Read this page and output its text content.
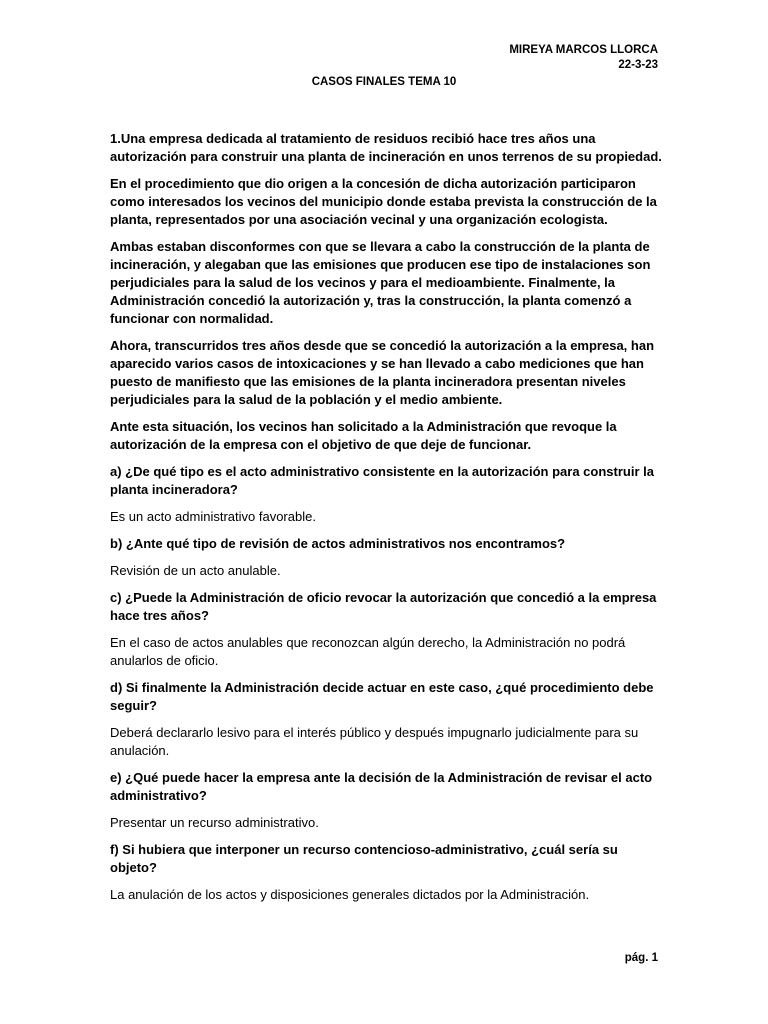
MIREYA MARCOS LLORCA
22-3-23
CASOS FINALES TEMA 10

1.Una empresa dedicada al tratamiento de residuos recibió hace tres años una autorización para construir una planta de incineración en unos terrenos de su propiedad.

En el procedimiento que dio origen a la concesión de dicha autorización participaron como interesados los vecinos del municipio donde estaba prevista la construcción de la planta, representados por una asociación vecinal y una organización ecologista.

Ambas estaban disconformes con que se llevara a cabo la construcción de la planta de incineración, y alegaban que las emisiones que producen ese tipo de instalaciones son perjudiciales para la salud de los vecinos y para el medioambiente. Finalmente, la Administración concedió la autorización y, tras la construcción, la planta comenzó a funcionar con normalidad.

Ahora, transcurridos tres años desde que se concedió la autorización a la empresa, han aparecido varios casos de intoxicaciones y se han llevado a cabo mediciones que han puesto de manifiesto que las emisiones de la planta incineradora presentan niveles perjudiciales para la salud de la población y el medio ambiente.

Ante esta situación, los vecinos han solicitado a la Administración que revoque la autorización de la empresa con el objetivo de que deje de funcionar.

a) ¿De qué tipo es el acto administrativo consistente en la autorización para construir la planta incineradora?

Es un acto administrativo favorable.

b) ¿Ante qué tipo de revisión de actos administrativos nos encontramos?

Revisión de un acto anulable.

c) ¿Puede la Administración de oficio revocar la autorización que concedió a la empresa hace tres años?

En el caso de actos anulables que reconozcan algún derecho, la Administración no podrá anularlos de oficio.

d) Si finalmente la Administración decide actuar en este caso, ¿qué procedimiento debe seguir?

Deberá declararlo lesivo para el interés público y después impugnarlo judicialmente para su anulación.

e) ¿Qué puede hacer la empresa ante la decisión de la Administración de revisar el acto administrativo?

Presentar un recurso administrativo.

f) Si hubiera que interponer un recurso contencioso-administrativo, ¿cuál sería su objeto?

La anulación de los actos y disposiciones generales dictados por la Administración.

pág. 1
